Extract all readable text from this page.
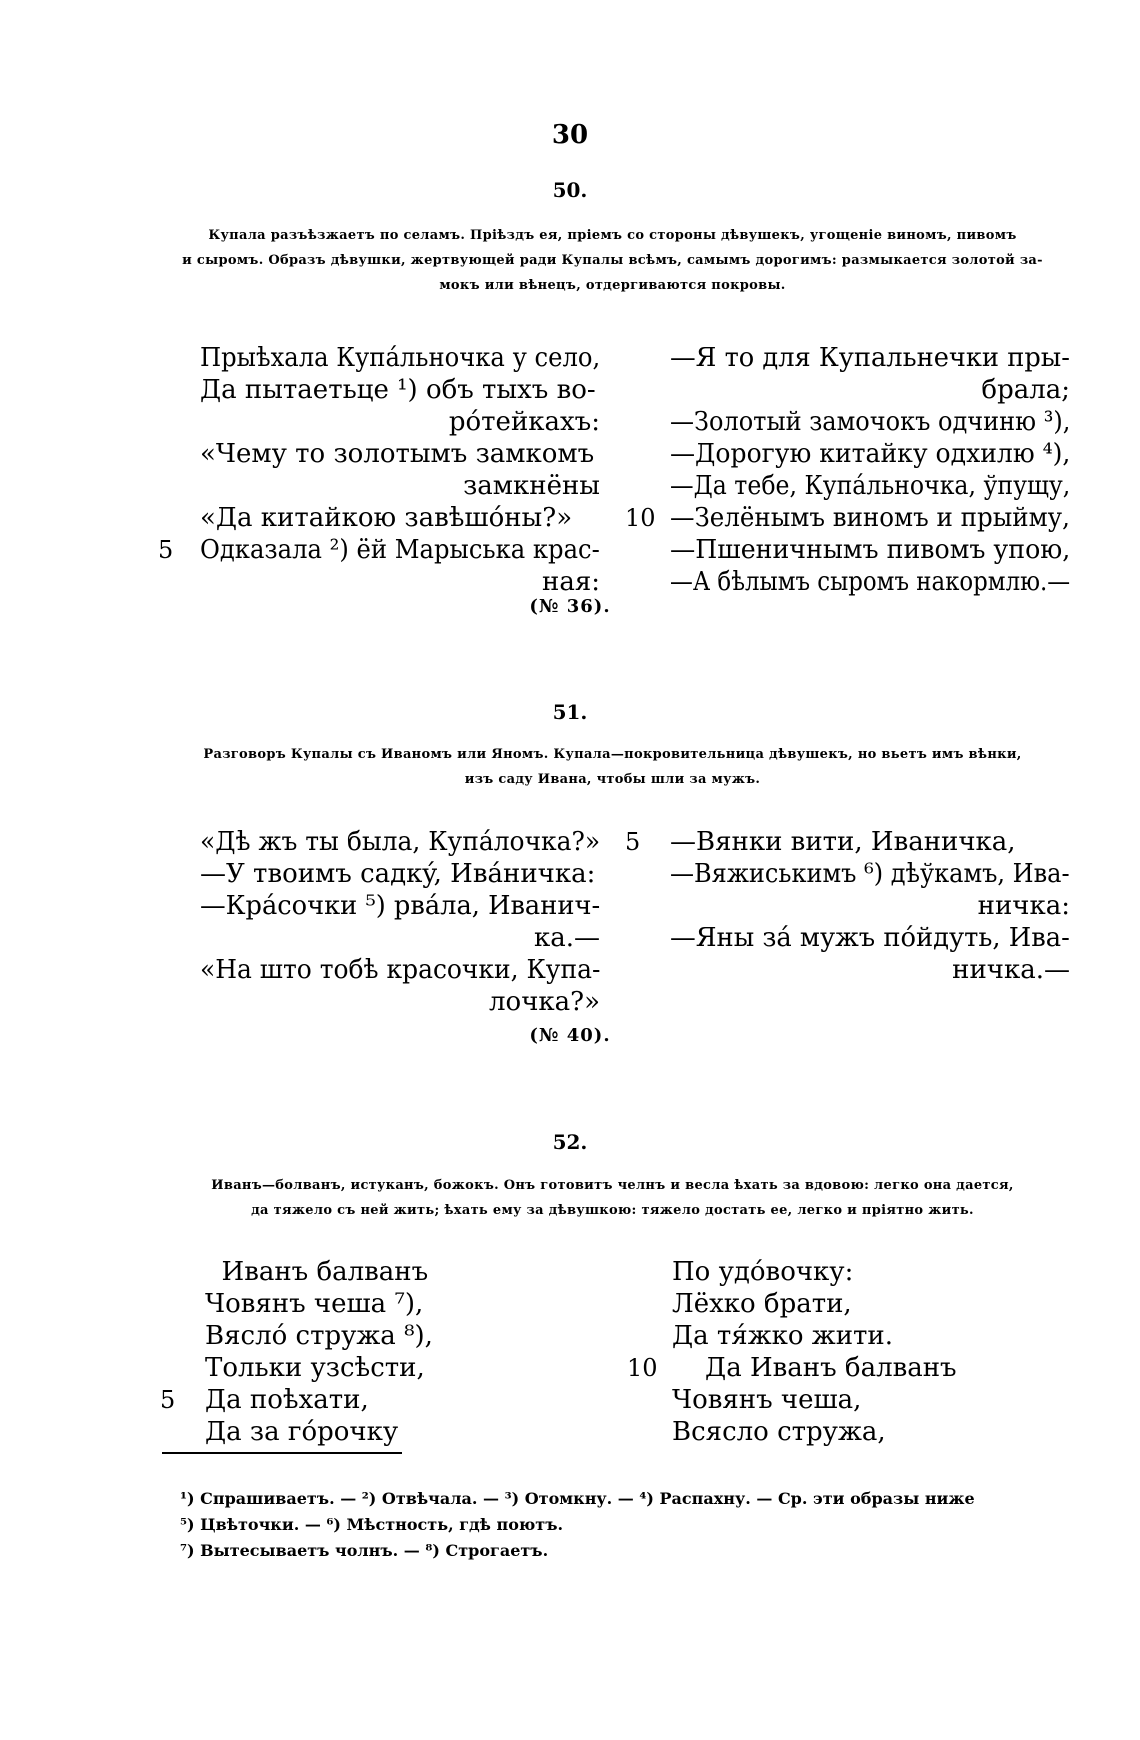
30
50.
Купала разъѣзжаетъ по селамъ. Прiѣздъ ея, прiемъ со стороны дѣвушекъ, угощенiе виномъ, пивомъ
и сыромъ. Образъ дѣвушки, жертвующей ради Купалы всѣмъ, самымъ дорогимъ: размыкается золотой за-
мокъ или вѣнецъ, отдергиваются покровы.
Прыѣхала Купáльночка у село,
Да пытаетьце ¹) объ тыхъ во-
рóтейкахъ:
«Чему то золотымъ замкомъ
замкнёны
«Да китайкою завѣшóны?»
5	Одказала ²) ёй Марыська крас-
ная:
—Я то для Купальнечки пры-
брала;
—Золотый замочокъ одчиню ³),
—Дорогую китайку одхилю ⁴),
—Да тебе, Купáльночка, ўпущу,
10 —Зелёнымъ виномъ и прыйму,
—Пшеничнымъ пивомъ упою,
—А бѣлымъ сыромъ накормлю.—
(№ 36).
51.
Разговоръ Купалы съ Иваномъ или Яномъ. Купала—покровительница дѣвушекъ, но вьетъ имъ вѣнки,
изъ саду Ивана, чтобы шли за мужъ.
«Дѣ жъ ты была, Купáлочка?»
—У твоимъ садкý, Ивáничка:
—Крáсочки ⁵) рвáла, Иванич-
ка.—
«На што тобѣ красочки, Купа-
лочка?»
5	—Вянки вити, Иваничка,
—Вяжиськимъ ⁶) дѣўкамъ, Ива-
ничка:
—Яны зá мужъ пóйдуть, Ива-
ничка.—
(№ 40).
52.
Иванъ—болванъ, истуканъ, божокъ. Онъ готовитъ челнъ и весла ѣхать за вдовою: легко она дается,
да тяжело съ ней жить; ѣхать ему за дѣвушкою: тяжело достать ее, легко и прiятно жить.
Иванъ балванъ
Човянъ чеша ⁷),
Вясло́ стружа ⁸),
Тольки узсѣсти,
5	Да поѣхати,
Да за гóрочку
По удóвочку:
Лёхко брати,
Да тя́жко жити.
10 Да Иванъ балванъ
Човянъ чеша,
Всясло стружа,
¹) Спрашиваетъ. — ²) Отвѣчала. — ³) Отомкну. — ⁴) Распахну. — Ср. эти образы ниже
⁵) Цвѣточки. — ⁶) Мѣстность, гдѣ поютъ.
⁷) Вытесываетъ чолнъ. — ⁸) Строгаетъ.
